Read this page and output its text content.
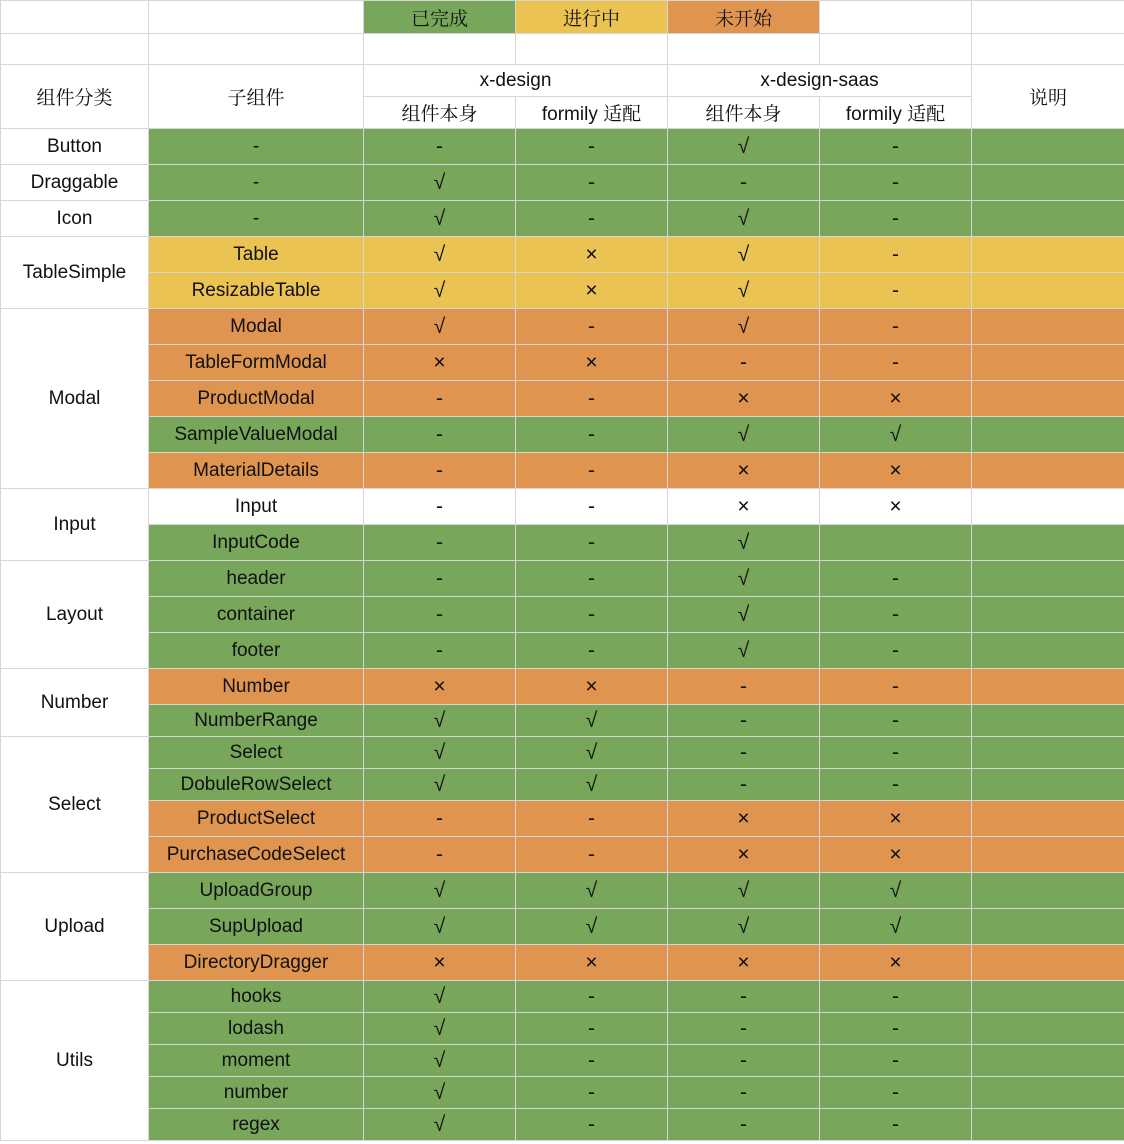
		已完成	进行中	未开始		

组件分类	子组件	x-design		x-design-saas		说明
		组件本身	formily 适配	组件本身	formily 适配	
Button	-	-	-	√	-	
Draggable	-	√	-	-	-	
Icon	-	√	-	√	-	
TableSimple	Table	√	×	√	-	
	ResizableTable	√	×	√	-	
Modal	Modal	√	-	√	-	
	TableFormModal	×	×	-	-	
	ProductModal	-	-	×	×	
	SampleValueModal	-	-	√	√	
	MaterialDetails	-	-	×	×	
Input	Input	-	-	×	×	
	InputCode	-	-	√		
Layout	header	-	-	√	-	
	container	-	-	√	-	
	footer	-	-	√	-	
Number	Number	×	×	-	-	
	NumberRange	√	√	-	-	
Select	Select	√	√	-	-	
	DobuleRowSelect	√	√	-	-	
	ProductSelect	-	-	×	×	
	PurchaseCodeSelect	-	-	×	×	
Upload	UploadGroup	√	√	√	√	
	SupUpload	√	√	√	√	
	DirectoryDragger	×	×	×	×	
Utils	hooks	√	-	-	-	
	lodash	√	-	-	-	
	moment	√	-	-	-	
	number	√	-	-	-	
	regex	√	-	-	-	
